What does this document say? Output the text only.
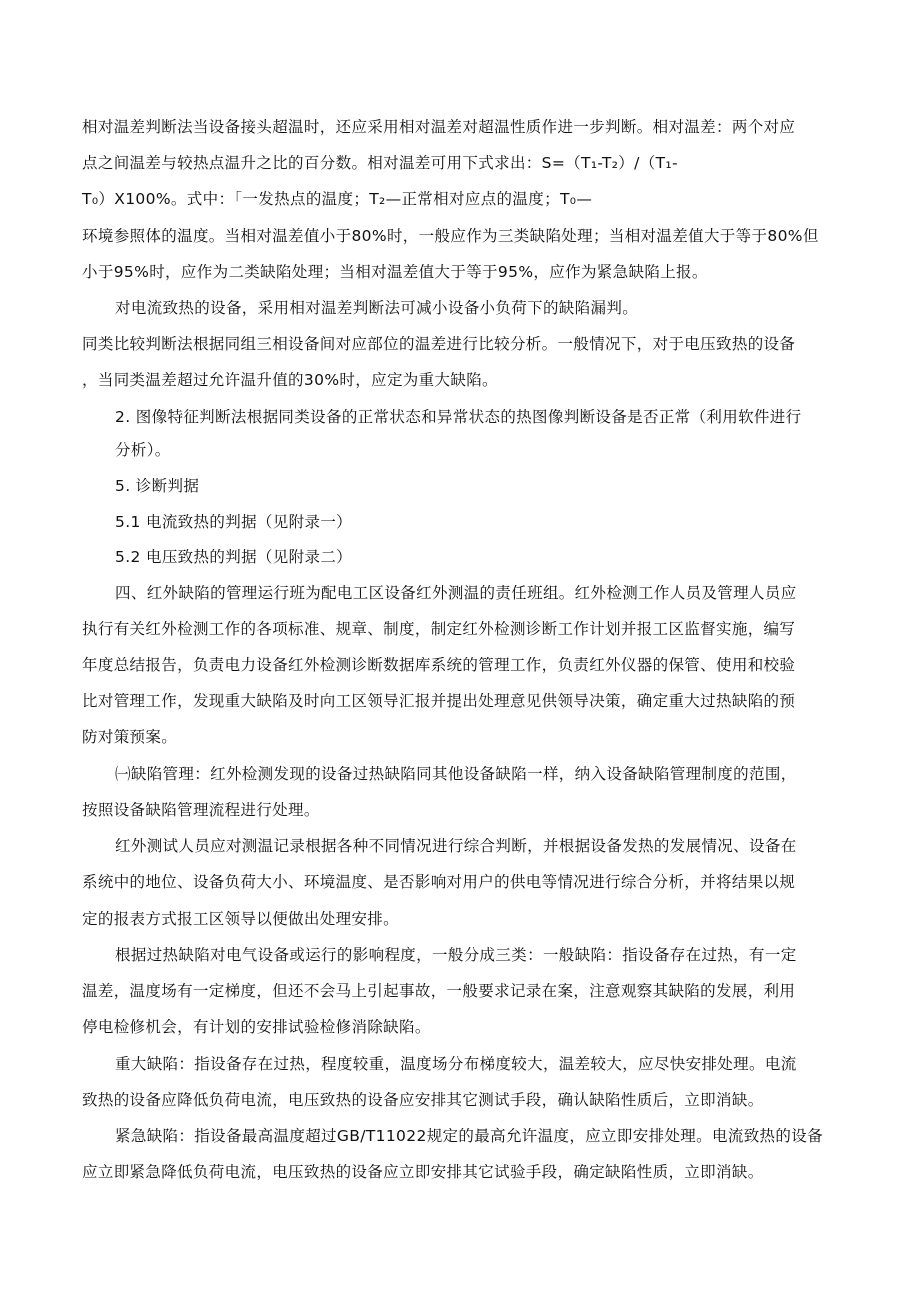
相对温差判断法当设备接头超温时，还应采用相对温差对超温性质作进一步判断。相对温差：两个对应
点之间温差与较热点温升之比的百分数。相对温差可用下式求出：S=（T₁-T₂）/（T₁-
T₀）X100%。式中：「一发热点的温度；T₂—正常相对应点的温度；T₀—
环境参照体的温度。当相对温差值小于80%时，一般应作为三类缺陷处理；当相对温差值大于等于80%但
小于95%时，应作为二类缺陷处理；当相对温差值大于等于95%，应作为紧急缺陷上报。
对电流致热的设备，采用相对温差判断法可减小设备小负荷下的缺陷漏判。
同类比较判断法根据同组三相设备间对应部位的温差进行比较分析。一般情况下，对于电压致热的设备
，当同类温差超过允许温升值的30%时，应定为重大缺陷。
2. 图像特征判断法根据同类设备的正常状态和异常状态的热图像判断设备是否正常（利用软件进行
分析）。
5. 诊断判据
5.1 电流致热的判据（见附录一）
5.2 电压致热的判据（见附录二）
四、红外缺陷的管理运行班为配电工区设备红外测温的责任班组。红外检测工作人员及管理人员应
执行有关红外检测工作的各项标准、规章、制度，制定红外检测诊断工作计划并报工区监督实施，编写
年度总结报告，负责电力设备红外检测诊断数据库系统的管理工作，负责红外仪器的保管、使用和校验
比对管理工作，发现重大缺陷及时向工区领导汇报并提出处理意见供领导决策，确定重大过热缺陷的预
防对策预案。
㈠缺陷管理：红外检测发现的设备过热缺陷同其他设备缺陷一样，纳入设备缺陷管理制度的范围，
按照设备缺陷管理流程进行处理。
红外测试人员应对测温记录根据各种不同情况进行综合判断，并根据设备发热的发展情况、设备在
系统中的地位、设备负荷大小、环境温度、是否影响对用户的供电等情况进行综合分析，并将结果以规
定的报表方式报工区领导以便做出处理安排。
根据过热缺陷对电气设备或运行的影响程度，一般分成三类：一般缺陷：指设备存在过热，有一定
温差，温度场有一定梯度，但还不会马上引起事故，一般要求记录在案，注意观察其缺陷的发展，利用
停电检修机会，有计划的安排试验检修消除缺陷。
重大缺陷：指设备存在过热，程度较重，温度场分布梯度较大，温差较大，应尽快安排处理。电流
致热的设备应降低负荷电流，电压致热的设备应安排其它测试手段，确认缺陷性质后，立即消缺。
紧急缺陷：指设备最高温度超过GB/T11022规定的最高允许温度，应立即安排处理。电流致热的设备
应立即紧急降低负荷电流，电压致热的设备应立即安排其它试验手段，确定缺陷性质，立即消缺。
